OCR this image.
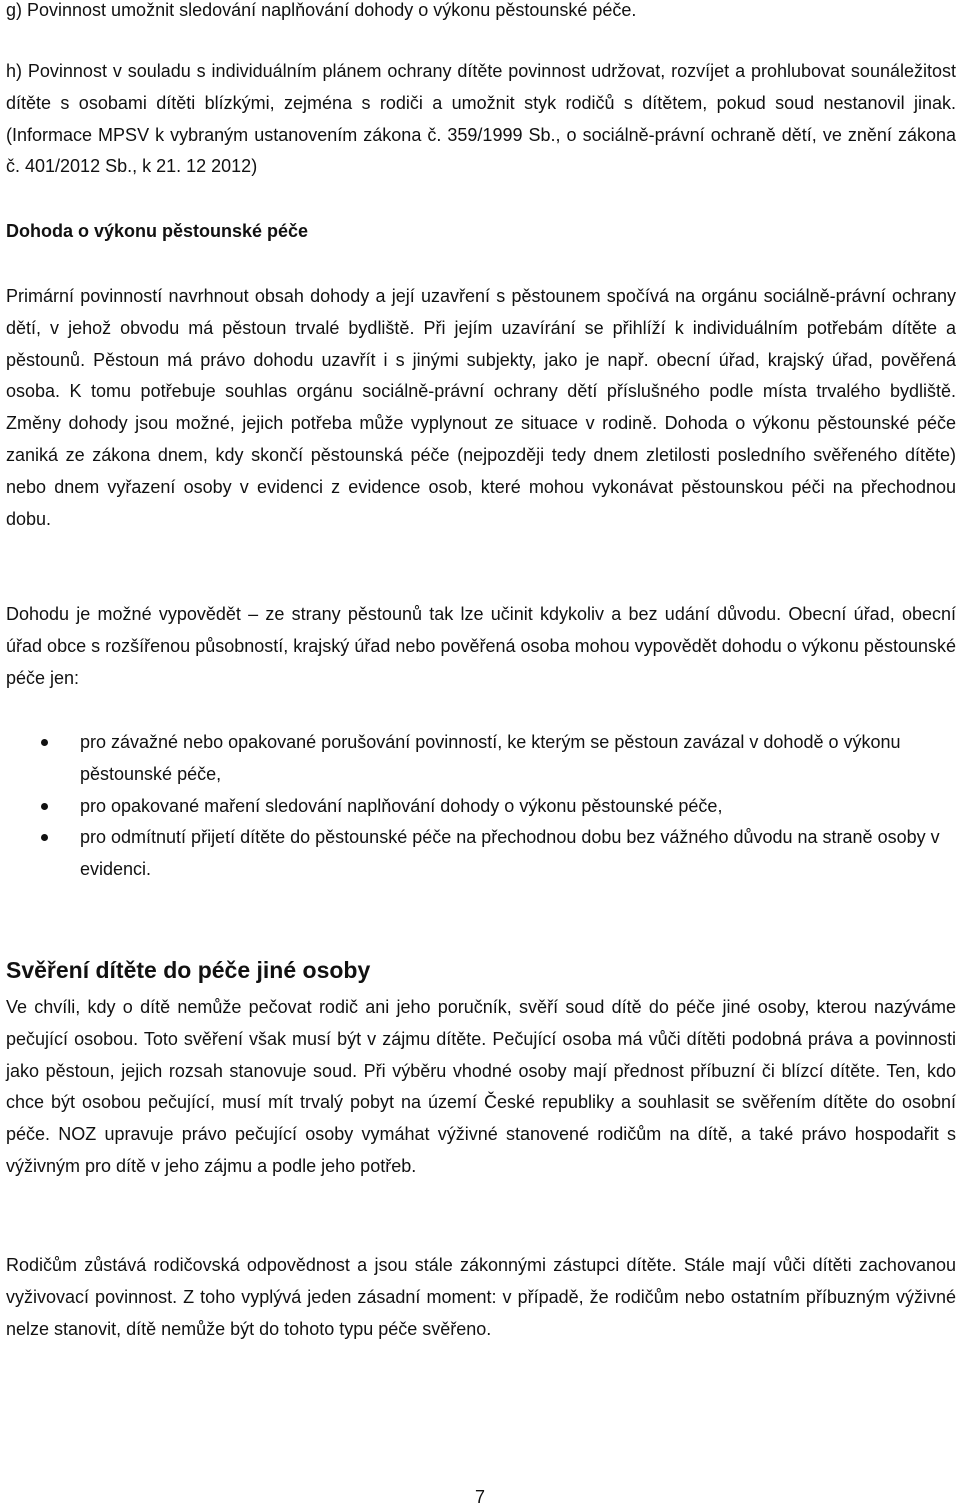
g) Povinnost umožnit sledování naplňování dohody o výkonu pěstounské péče.

h) Povinnost v souladu s individuálním plánem ochrany dítěte povinnost udržovat, rozvíjet a prohlubovat sounáležitost dítěte s osobami dítěti blízkými, zejména s rodiči a umožnit styk rodičů s dítětem, pokud soud nestanovil jinak. (Informace MPSV k vybraným ustanovením zákona č. 359/1999 Sb., o sociálně-právní ochraně dětí, ve znění zákona č. 401/2012 Sb., k 21. 12 2012)

Dohoda o výkonu pěstounské péče

Primární povinností navrhnout obsah dohody a její uzavření s pěstounem spočívá na orgánu sociálně-právní ochrany dětí, v jehož obvodu má pěstoun trvalé bydliště. Při jejím uzavírání se přihlíží k individuálním potřebám dítěte a pěstounů. Pěstoun má právo dohodu uzavřít i s jinými subjekty, jako je např. obecní úřad, krajský úřad, pověřená osoba. K tomu potřebuje souhlas orgánu sociálně-právní ochrany dětí příslušného podle místa trvalého bydliště. Změny dohody jsou možné, jejich potřeba může vyplynout ze situace v rodině. Dohoda o výkonu pěstounské péče zaniká ze zákona dnem, kdy skončí pěstounská péče (nejpozději tedy dnem zletilosti posledního svěřeného dítěte) nebo dnem vyřazení osoby v evidenci z evidence osob, které mohou vykonávat pěstounskou péči na přechodnou dobu.

Dohodu je možné vypovědět – ze strany pěstounů tak lze učinit kdykoliv a bez udání důvodu. Obecní úřad, obecní úřad obce s rozšířenou působností, krajský úřad nebo pověřená osoba mohou vypovědět dohodu o výkonu pěstounské péče jen:

pro závažné nebo opakované porušování povinností, ke kterým se pěstoun zavázal v dohodě o výkonu pěstounské péče,
pro opakované maření sledování naplňování dohody o výkonu pěstounské péče,
pro odmítnutí přijetí dítěte do pěstounské péče na přechodnou dobu bez vážného důvodu na straně osoby v evidenci.
Svěření dítěte do péče jiné osoby

Ve chvíli, kdy o dítě nemůže pečovat rodič ani jeho poručník, svěří soud dítě do péče jiné osoby, kterou nazýváme pečující osobou. Toto svěření však musí být v zájmu dítěte. Pečující osoba má vůči dítěti podobná práva a povinnosti jako pěstoun, jejich rozsah stanovuje soud. Při výběru vhodné osoby mají přednost příbuzní či blízcí dítěte. Ten, kdo chce být osobou pečující, musí mít trvalý pobyt na území České republiky a souhlasit se svěřením dítěte do osobní péče. NOZ upravuje právo pečující osoby vymáhat výživné stanovené rodičům na dítě, a také právo hospodařit s výživným pro dítě v jeho zájmu a podle jeho potřeb.

Rodičům zůstává rodičovská odpovědnost a jsou stále zákonnými zástupci dítěte. Stále mají vůči dítěti zachovanou vyživovací povinnost. Z toho vyplývá jeden zásadní moment: v případě, že rodičům nebo ostatním příbuzným výživné nelze stanovit, dítě nemůže být do tohoto typu péče svěřeno.

7
